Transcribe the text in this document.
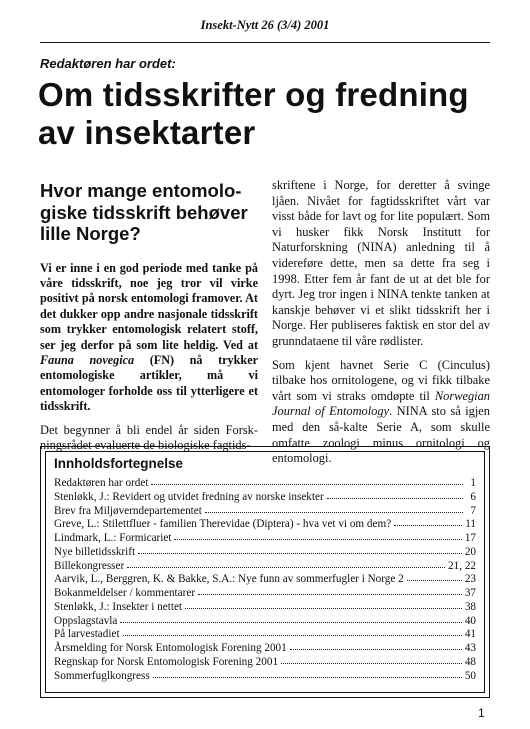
Insekt-Nytt 26 (3/4) 2001
Redaktøren har ordet:
Om tidsskrifter og fredning av insektarter
Hvor mange entomolo-giske tidsskrift behøver lille Norge?

Vi er inne i en god periode med tanke på våre tidsskrift, noe jeg tror vil virke positivt på norsk entomologi framover. At det dukker opp andre nasjonale tidsskrift som trykker entomologisk relatert stoff, ser jeg derfor på som lite heldig. Ved at Fauna novegica (FN) nå trykker entomologiske artikler, må vi entomologer forholde oss til ytterligere et tidsskrift.

Det begynner å bli endel år siden Forsk-ningsrådet evaluerte de biologiske fagtids-

skriftene i Norge, for deretter å svinge ljåen. Nivået for fagtidsskriftet vårt var visst både for lavt og for lite populært. Som vi husker fikk Norsk Institutt for Naturforskning (NINA) anledning til å videreføre dette, men sa dette fra seg i 1998. Etter fem år fant de ut at det ble for dyrt. Jeg tror ingen i NINA tenkte tanken at kanskje behøver vi et slikt tidsskrift her i Norge. Her publiseres faktisk en stor del av grunndataene til våre rødlister.

Som kjent havnet Serie C (Cinculus) tilbake hos ornitologene, og vi fikk tilbake vårt som vi straks omdøpte til Norwegian Journal of Entomology. NINA sto så igjen med den så-kalte Serie A, som skulle omfatte zoologi minus ornitologi og entomologi.

Innholdsfortegnelse
Redaktøren har ordet	1
Stenløkk, J.: Revidert og utvidet fredning av norske insekter	6
Brev fra Miljøverndepartementet	7
Greve, L.: Stilettfluer - familien Therevidae (Diptera) - hva vet vi om dem?	11
Lindmark, L.: Formicariet	17
Nye billetidsskrift	20
Billekongresser	21, 22
Aarvik, L., Berggren, K. & Bakke, S.A.: Nye funn av sommerfugler i Norge 2	23
Bokanmeldelser / kommentarer	37
Stenløkk, J.: Insekter i nettet	38
Oppslagstavla	40
På larvestadiet	41
Årsmelding for Norsk Entomologisk Forening 2001	43
Regnskap for Norsk Entomologisk Forening 2001	48
Sommerfuglkongress	50
1
